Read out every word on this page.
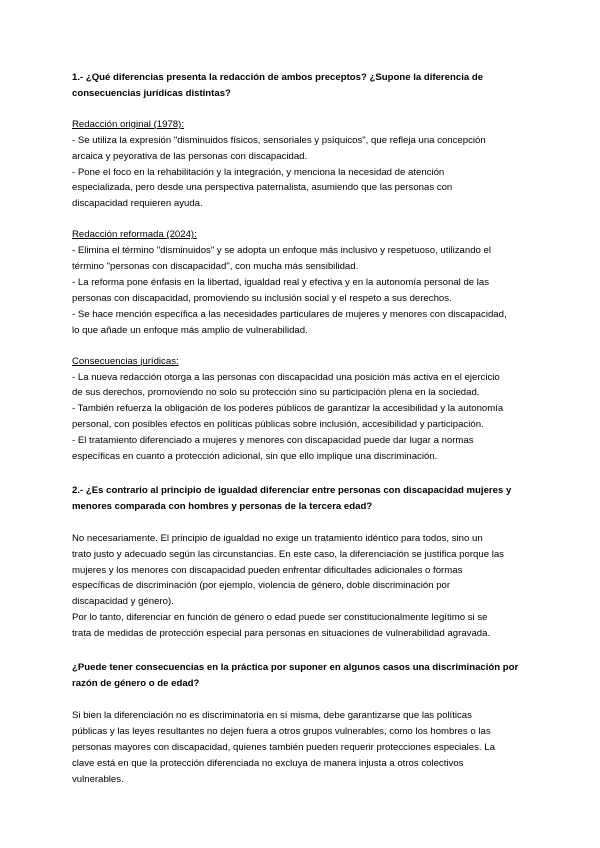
1.- ¿Qué diferencias presenta la redacción de ambos preceptos? ¿Supone la diferencia de

consecuencias jurídicas distintas?

Redacción original (1978):

- Se utiliza la expresión "disminuidos físicos, sensoriales y psíquicos", que refleja una concepción

arcaica y peyorativa de las personas con discapacidad.

- Pone el foco en la rehabilitación y la integración, y menciona la necesidad de atención

especializada, pero desde una perspectiva paternalista, asumiendo que las personas con

discapacidad requieren ayuda.

Redacción reformada (2024):

- Elimina el término "disminuidos" y se adopta un enfoque más inclusivo y respetuoso, utilizando el

término "personas con discapacidad", con mucha más sensibilidad.

- La reforma pone énfasis en la libertad, igualdad real y efectiva y en la autonomía personal de las

personas con discapacidad, promoviendo su inclusión social y el respeto a sus derechos.

- Se hace mención específica a las necesidades particulares de mujeres y menores con discapacidad,

lo que añade un enfoque más amplio de vulnerabilidad.

Consecuencias jurídicas:

- La nueva redacción otorga a las personas con discapacidad una posición más activa en el ejercicio

de sus derechos, promoviendo no solo su protección sino su participación plena en la sociedad.

- También refuerza la obligación de los poderes públicos de garantizar la accesibilidad y la autonomía

personal, con posibles efectos en políticas públicas sobre inclusión, accesibilidad y participación.

- El tratamiento diferenciado a mujeres y menores con discapacidad puede dar lugar a normas

específicas en cuanto a protección adicional, sin que ello implique una discriminación.

2.- ¿Es contrario al principio de igualdad diferenciar entre personas con discapacidad mujeres y

menores comparada con hombres y personas de la tercera edad?

No necesariamente. El principio de igualdad no exige un tratamiento idéntico para todos, sino un

trato justo y adecuado según las circunstancias. En este caso, la diferenciación se justifica porque las

mujeres y los menores con discapacidad pueden enfrentar dificultades adicionales o formas

específicas de discriminación (por ejemplo, violencia de género, doble discriminación por

discapacidad y género).

Por lo tanto, diferenciar en función de género o edad puede ser constitucionalmente legítimo si se

trata de medidas de protección especial para personas en situaciones de vulnerabilidad agravada.

¿Puede tener consecuencias en la práctica por suponer en algunos casos una discriminación por

razón de género o de edad?

Si bien la diferenciación no es discriminatoria en sí misma, debe garantizarse que las políticas

públicas y las leyes resultantes no dejen fuera a otros grupos vulnerables, como los hombres o las

personas mayores con discapacidad, quienes también pueden requerir protecciones especiales. La

clave está en que la protección diferenciada no excluya de manera injusta a otros colectivos

vulnerables.
